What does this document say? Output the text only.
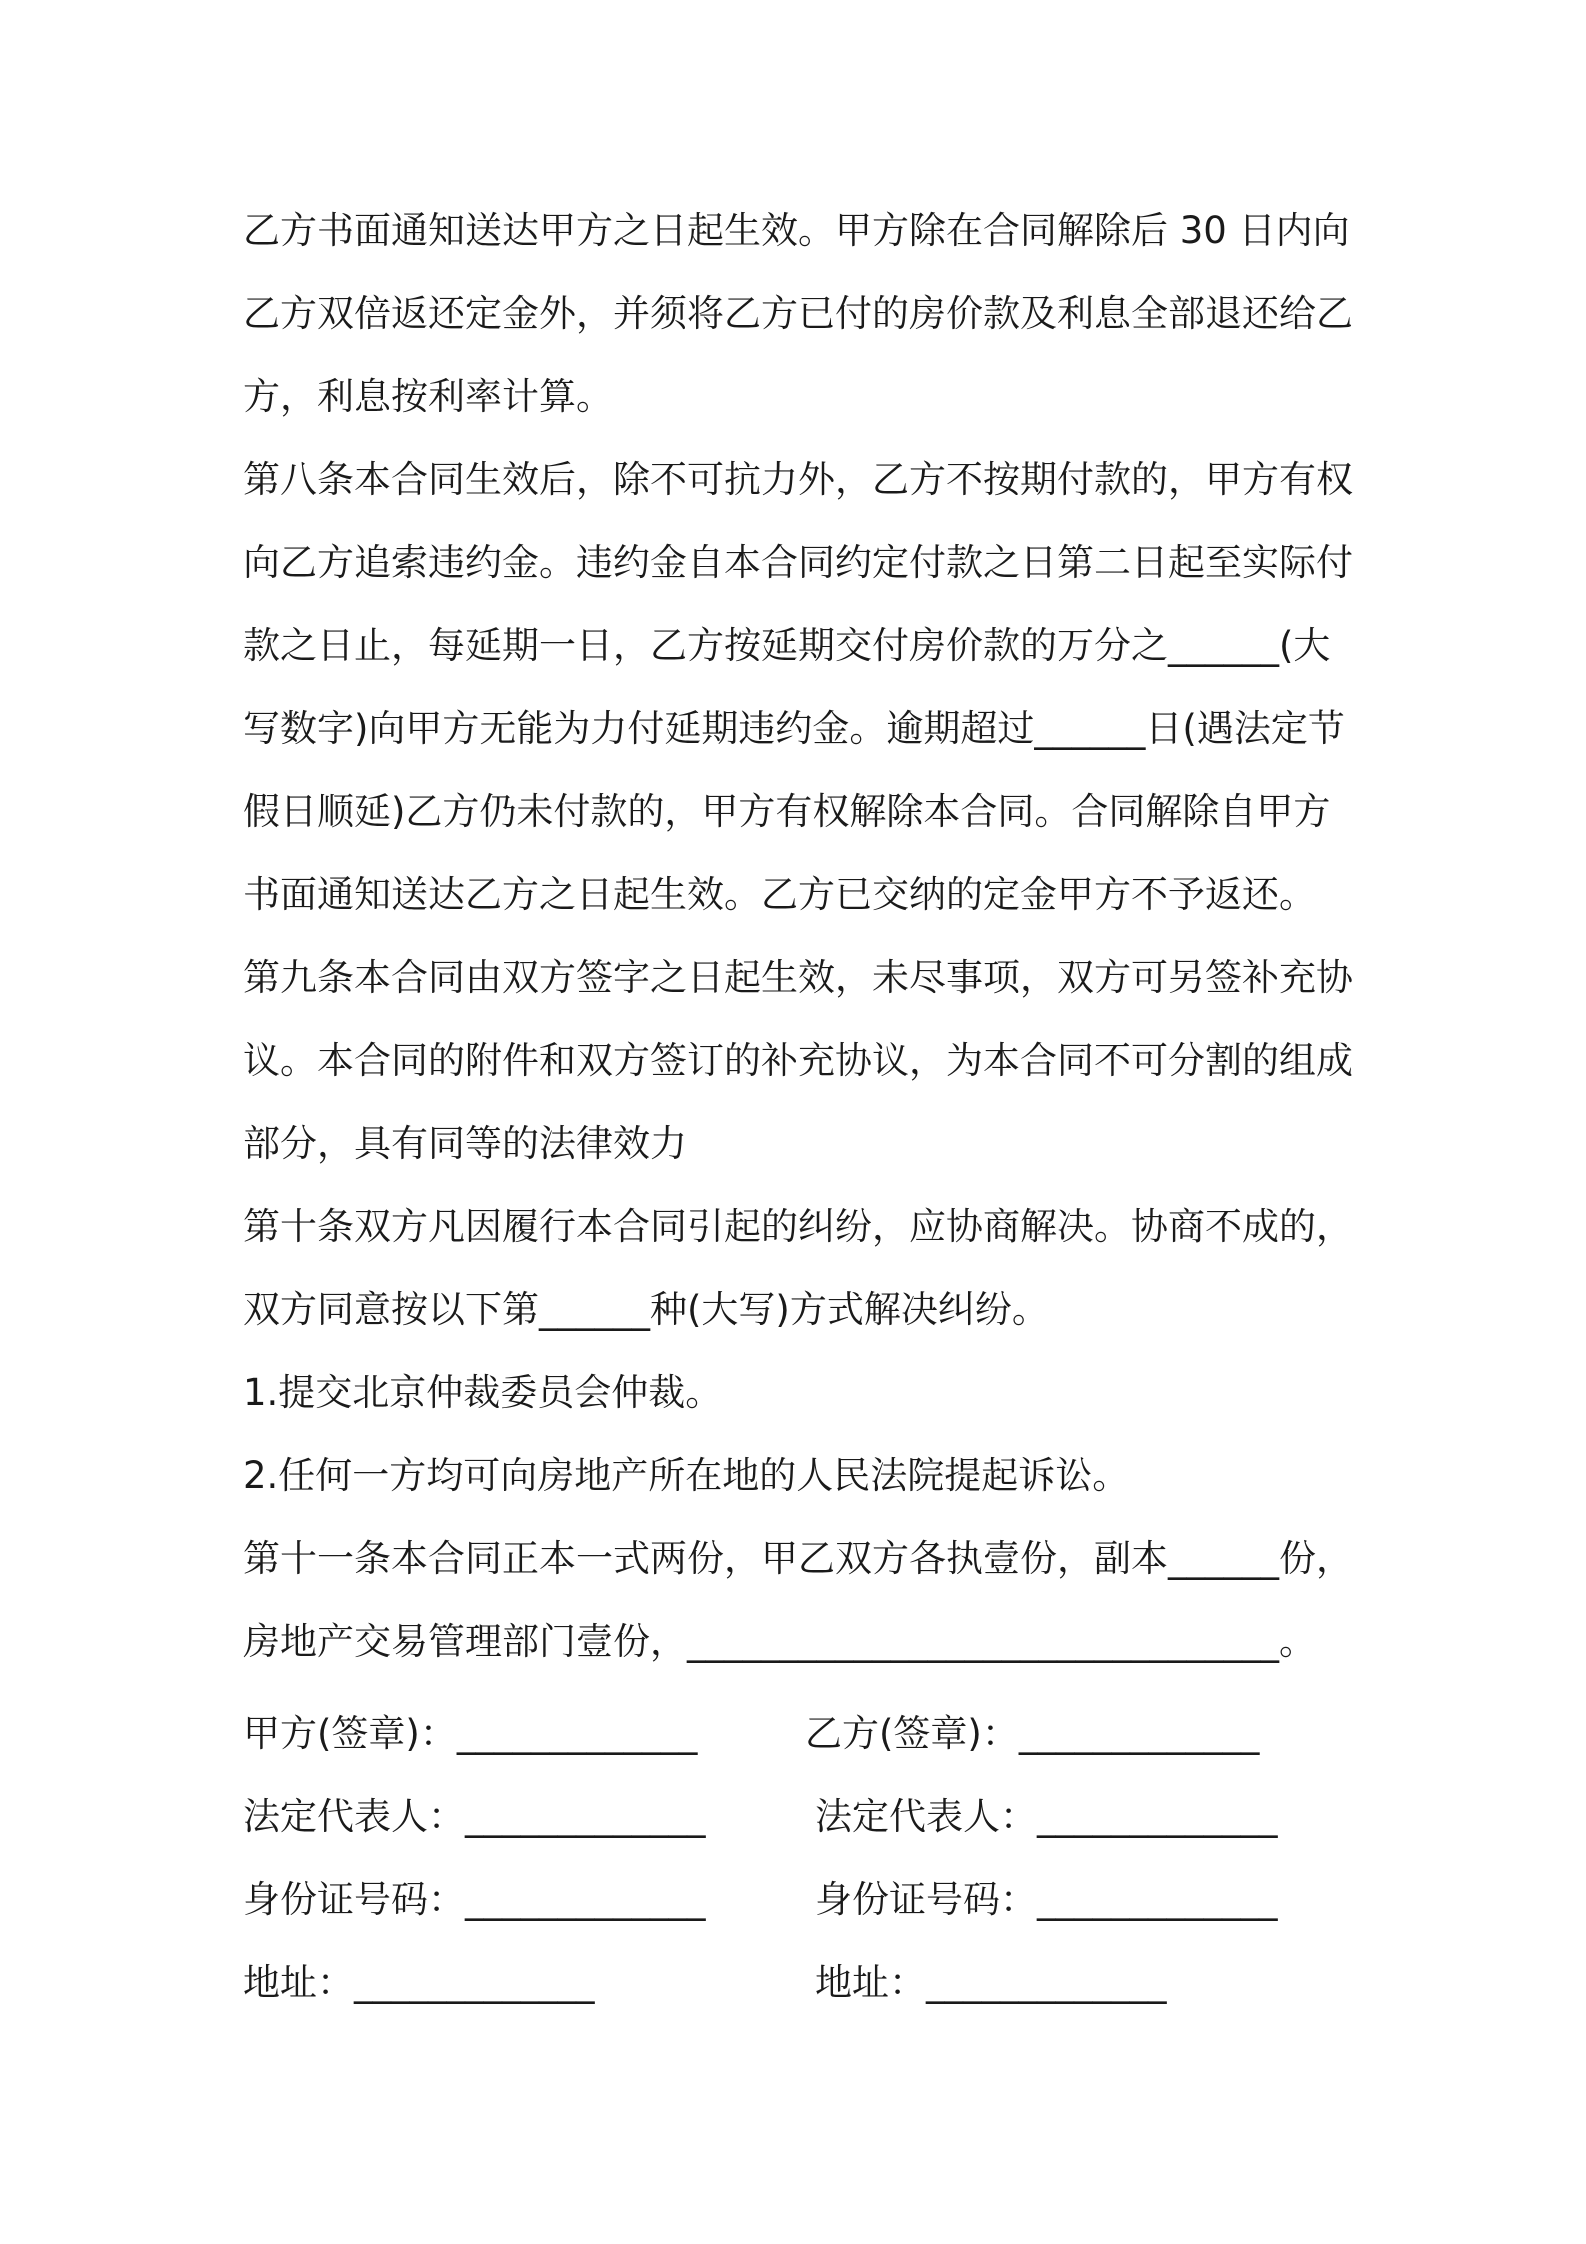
乙方书面通知送达甲方之日起生效。甲方除在合同解除后 30 日内向
乙方双倍返还定金外，并须将乙方已付的房价款及利息全部退还给乙
方，利息按利率计算。
第八条本合同生效后，除不可抗力外，乙方不按期付款的，甲方有权
向乙方追索违约金。违约金自本合同约定付款之日第二日起至实际付
款之日止，每延期一日，乙方按延期交付房价款的万分之______(大
写数字)向甲方无能为力付延期违约金。逾期超过______日(遇法定节
假日顺延)乙方仍未付款的，甲方有权解除本合同。合同解除自甲方
书面通知送达乙方之日起生效。乙方已交纳的定金甲方不予返还。
第九条本合同由双方签字之日起生效，未尽事项，双方可另签补充协
议。本合同的附件和双方签订的补充协议，为本合同不可分割的组成
部分，具有同等的法律效力
第十条双方凡因履行本合同引起的纠纷，应协商解决。协商不成的，
双方同意按以下第______种(大写)方式解决纠纷。
1.提交北京仲裁委员会仲裁。
2.任何一方均可向房地产所在地的人民法院提起诉讼。
第十一条本合同正本一式两份，甲乙双方各执壹份，副本______份，
房地产交易管理部门壹份，________________________________。
甲方(签章)：_____________
法定代表人：_____________
身份证号码：_____________
地址：_____________
乙方(签章)：_____________
法定代表人：_____________
身份证号码：_____________
地址：_____________
